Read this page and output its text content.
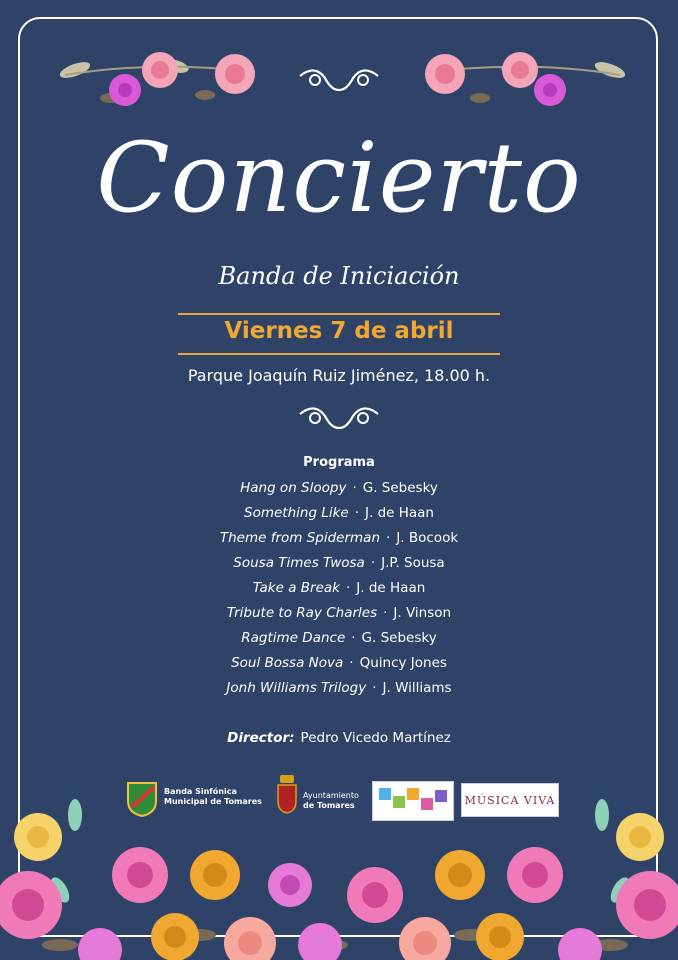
Concierto
Banda de Iniciación
Viernes 7 de abril
Parque Joaquín Ruiz Jiménez, 18.00 h.
Programa
Hang on Sloopy · G. Sebesky
Something Like · J. de Haan
Theme from Spiderman · J. Bocook
Sousa Times Twosa · J.P. Sousa
Take a Break · J. de Haan
Tribute to Ray Charles · J. Vinson
Ragtime Dance · G. Sebesky
Soul Bossa Nova · Quincy Jones
Jonh Williams Trilogy · J. Williams
Director: Pedro Vicedo Martínez
Banda Sinfónica
Municipal de Tomares
Ayuntamiento
de Tomares	MÚSICA VIVA
